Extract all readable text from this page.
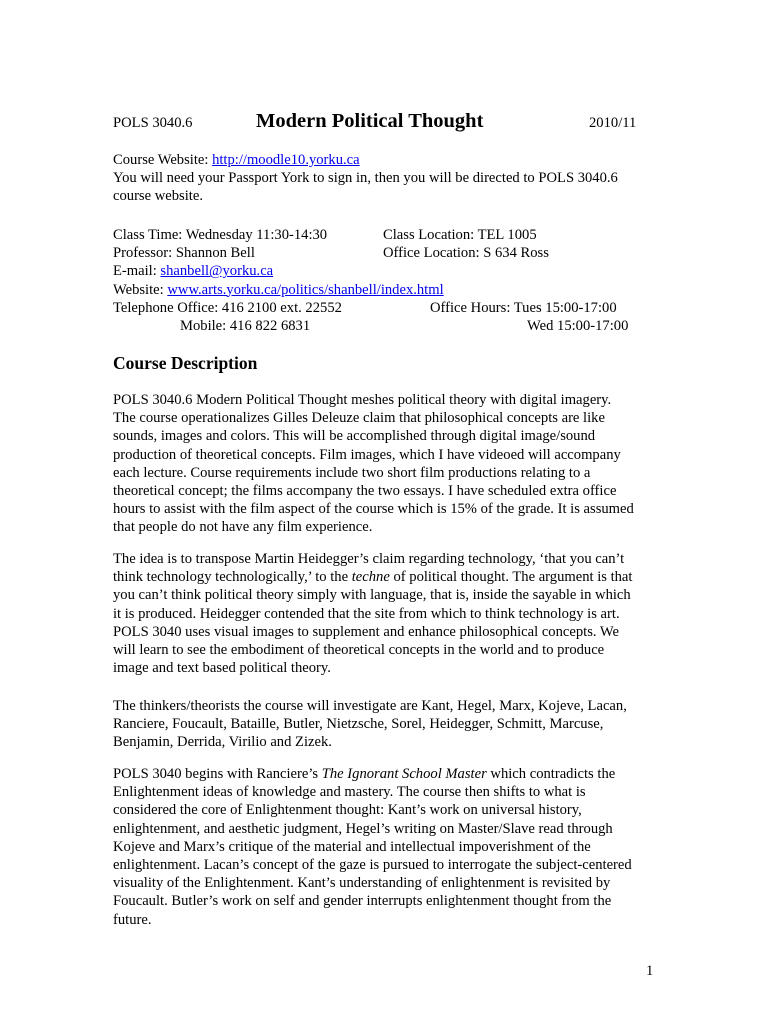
POLS 3040.6	Modern Political Thought	2010/11
Course Website: http://moodle10.yorku.ca
You will need your Passport York to sign in, then you will be directed to POLS 3040.6
course website.
Class Time: Wednesday 11:30-14:30	Class Location: TEL 1005
Professor: Shannon Bell	Office Location: S 634 Ross
E-mail: shanbell@yorku.ca
Website: www.arts.yorku.ca/politics/shanbell/index.html
Telephone Office: 416 2100 ext. 22552	Office Hours: Tues 15:00-17:00
Mobile: 416 822 6831	Wed 15:00-17:00
Course Description
POLS 3040.6 Modern Political Thought meshes political theory with digital imagery.
The course operationalizes Gilles Deleuze claim that philosophical concepts are like
sounds, images and colors. This will be accomplished through digital image/sound
production of theoretical concepts. Film images, which I have videoed will accompany
each lecture. Course requirements include two short film productions relating to a
theoretical concept; the films accompany the two essays. I have scheduled extra office
hours to assist with the film aspect of the course which is 15% of the grade. It is assumed
that people do not have any film experience.
The idea is to transpose Martin Heidegger’s claim regarding technology, ‘that you can’t
think technology technologically,’ to the techne of political thought. The argument is that
you can’t think political theory simply with language, that is, inside the sayable in which
it is produced. Heidegger contended that the site from which to think technology is art.
POLS 3040 uses visual images to supplement and enhance philosophical concepts. We
will learn to see the embodiment of theoretical concepts in the world and to produce
image and text based political theory.
The thinkers/theorists the course will investigate are Kant, Hegel, Marx, Kojeve, Lacan,
Ranciere, Foucault, Bataille, Butler, Nietzsche, Sorel, Heidegger, Schmitt, Marcuse,
Benjamin, Derrida, Virilio and Zizek.
POLS 3040 begins with Ranciere’s The Ignorant School Master which contradicts the
Enlightenment ideas of knowledge and mastery. The course then shifts to what is
considered the core of Enlightenment thought: Kant’s work on universal history,
enlightenment, and aesthetic judgment, Hegel’s writing on Master/Slave read through
Kojeve and Marx’s critique of the material and intellectual impoverishment of the
enlightenment. Lacan’s concept of the gaze is pursued to interrogate the subject-centered
visuality of the Enlightenment. Kant’s understanding of enlightenment is revisited by
Foucault. Butler’s work on self and gender interrupts enlightenment thought from the
future.
1
